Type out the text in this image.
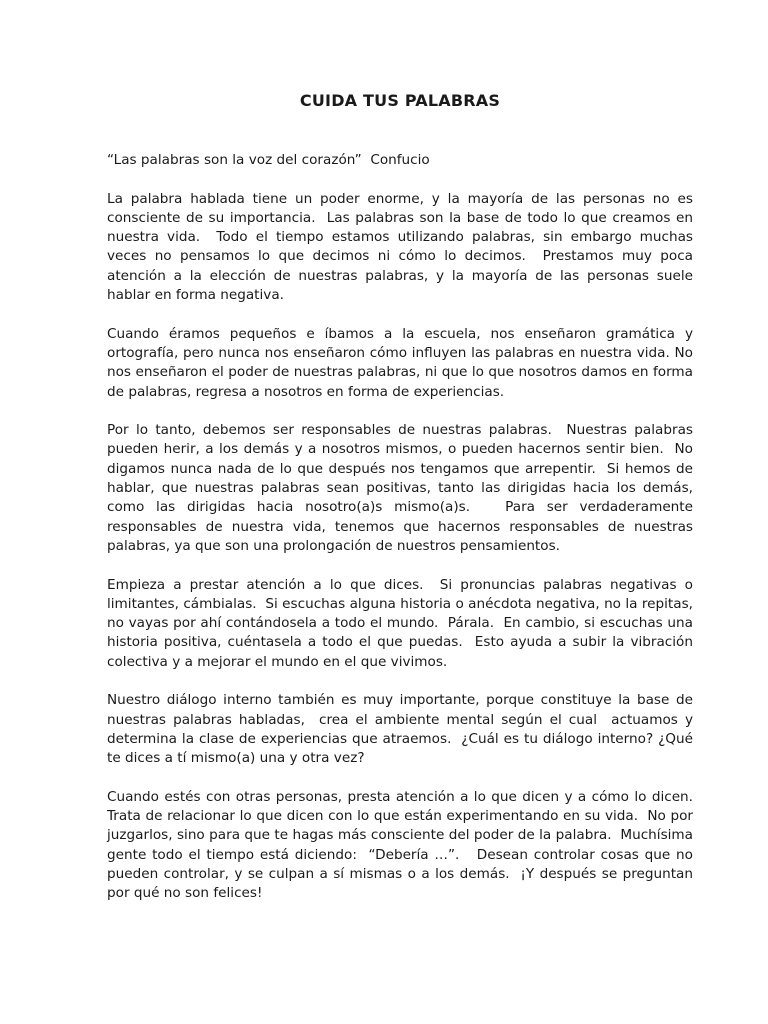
CUIDA TUS PALABRAS

“Las palabras son la voz del corazón”  Confucio

La palabra hablada tiene un poder enorme, y la mayoría de las personas no es consciente de su importancia.  Las palabras son la base de todo lo que creamos en nuestra vida.  Todo el tiempo estamos utilizando palabras, sin embargo muchas veces no pensamos lo que decimos ni cómo lo decimos.  Prestamos muy poca atención a la elección de nuestras palabras, y la mayoría de las personas suele hablar en forma negativa.

Cuando éramos pequeños e íbamos a la escuela, nos enseñaron gramática y ortografía, pero nunca nos enseñaron cómo influyen las palabras en nuestra vida. No nos enseñaron el poder de nuestras palabras, ni que lo que nosotros damos en forma de palabras, regresa a nosotros en forma de experiencias.

Por lo tanto, debemos ser responsables de nuestras palabras.  Nuestras palabras pueden herir, a los demás y a nosotros mismos, o pueden hacernos sentir bien.  No digamos nunca nada de lo que después nos tengamos que arrepentir.  Si hemos de hablar, que nuestras palabras sean positivas, tanto las dirigidas hacia los demás, como las dirigidas hacia nosotro(a)s mismo(a)s.   Para ser verdaderamente responsables de nuestra vida, tenemos que hacernos responsables de nuestras palabras, ya que son una prolongación de nuestros pensamientos.

Empieza a prestar atención a lo que dices.  Si pronuncias palabras negativas o limitantes, cámbialas.  Si escuchas alguna historia o anécdota negativa, no la repitas, no vayas por ahí contándosela a todo el mundo.  Párala.  En cambio, si escuchas una historia positiva, cuéntasela a todo el que puedas.  Esto ayuda a subir la vibración colectiva y a mejorar el mundo en el que vivimos.

Nuestro diálogo interno también es muy importante, porque constituye la base de nuestras palabras habladas,  crea el ambiente mental según el cual  actuamos y determina la clase de experiencias que atraemos.  ¿Cuál es tu diálogo interno? ¿Qué te dices a tí mismo(a) una y otra vez?

Cuando estés con otras personas, presta atención a lo que dicen y a cómo lo dicen. Trata de relacionar lo que dicen con lo que están experimentando en su vida.  No por juzgarlos, sino para que te hagas más consciente del poder de la palabra.  Muchísima gente todo el tiempo está diciendo:  “Debería …”.   Desean controlar cosas que no pueden controlar, y se culpan a sí mismas o a los demás.  ¡Y después se preguntan por qué no son felices!
